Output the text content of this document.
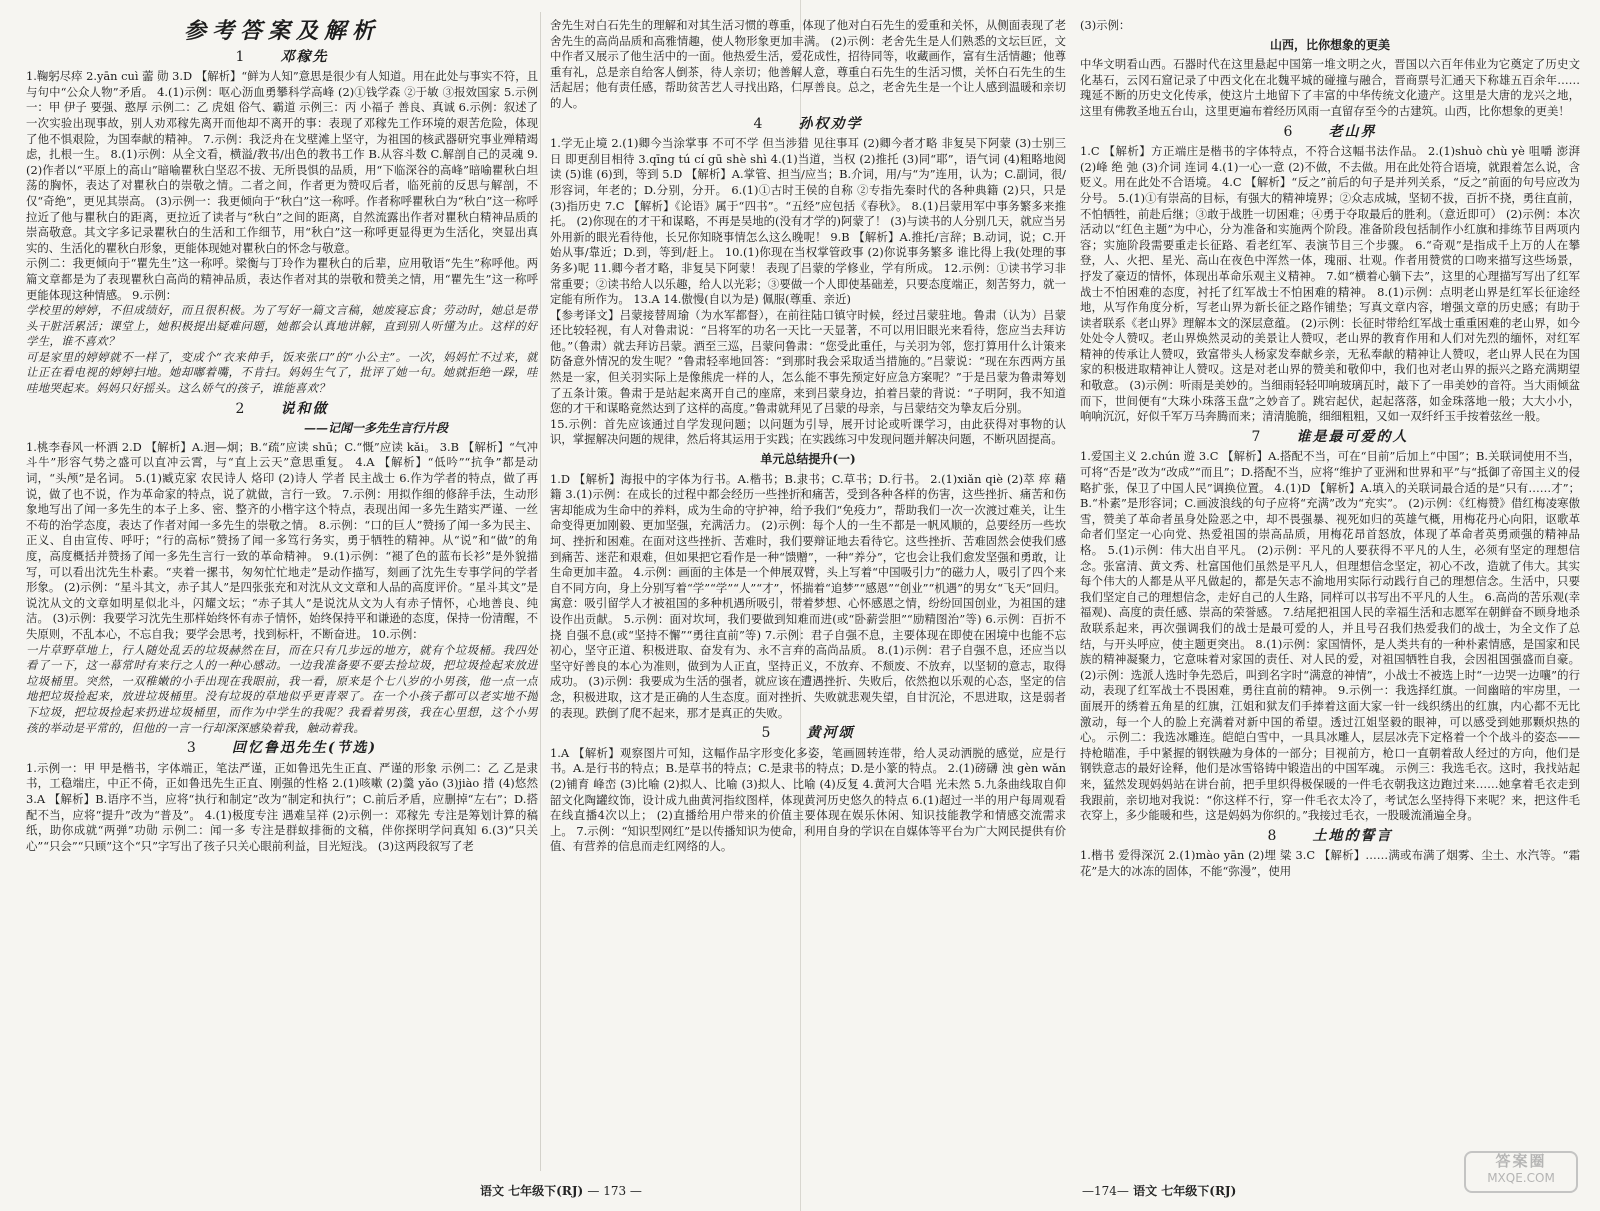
参考答案及解析
1 邓稼先

1.鞠躬尽瘁 2.yān cuì 蘦 勋 3.D 【解析】“鲜为人知”意思是很少有人知道。用在此处与事实不符，且与句中“公众人物”矛盾。 4.(1)示例：呕心沥血勇攀科学高峰 (2)①钱学森 ②于敏 ③报效国家 5.示例一：甲 伊子 要强、憨厚 示例二：乙 虎姐 俗气、霸道 示例三：丙 小福子 善良、真诚 6.示例：叙述了一次实验出现事故，别人劝邓稼先离开而他却不离开的事：表现了邓稼先工作环境的艰苦危险，体现了他不惧艰险，为国奉献的精神。 7.示例：我泛舟在戈壁滩上坚守，为祖国的核武器研究事业殚精竭虑，扎根一生。 8.(1)示例：从全文看，横溢/教书/出色的教书工作 B.从容斗数 C.解剖自己的灵魂 9.(2)作者以“平原上的高山”暗喻瞿秋白坚忍不拔、无所畏惧的品质，用“下临深谷的高峰”暗喻瞿秋白坦荡的胸怀，表达了对瞿秋白的崇敬之情。二者之间，作者更为赞叹后者，临死前的反思与解剖，不仅“奇绝”，更见其崇高。 (3)示例一：我更倾向于“秋白”这一称呼。作者称呼瞿秋白为“秋白”这一称呼拉近了他与瞿秋白的距离，更拉近了读者与“秋白”之间的距离，自然流露出作者对瞿秋白精神品质的崇高敬意。其文字多记录瞿秋白的生活和工作细节，用“秋白”这一称呼更显得更为生活化，突显出真实的、生活化的瞿秋白形象，更能体现她对瞿秋白的怀念与敬意。

示例二：我更倾向于“瞿先生”这一称呼。梁衡与丁玲作为瞿秋白的后辈，应用敬语“先生”称呼他。两篇文章都是为了表现瞿秋白高尚的精神品质，表达作者对其的崇敬和赞美之情，用“瞿先生”这一称呼更能体现这种情感。 9.示例：

学校里的婷婷，不但成绩好，而且很积极。为了写好一篇文言稿，她废寝忘食；劳动时，她总是带头干脏活累活；课堂上，她积极提出疑难问题，她都会认真地讲解，直到别人听懂为止。这样的好学生，谁不喜欢？

可是家里的婷婷就不一样了，变成个“衣来伸手，饭来张口”的“小公主”。一次，妈妈忙不过来，就让正在看电视的婷婷扫地。她却嘟着嘴，不肯扫。妈妈生气了，批评了她一句。她就拒绝一跺，哇哇地哭起来。妈妈只好摇头。这么娇气的孩子，谁能喜欢？

2 说和做
——记闻一多先生言行片段

1.桃李春风一杯酒 2.D 【解析】A.迥—炯；B.“疏”应读 shū；C.“慨”应读 kǎi。 3.B 【解析】“气冲斗牛”形容气势之盛可以直冲云霄，与“直上云天”意思重复。 4.A 【解析】“低吟”“抗争”都是动词，“头颅”是名词。 5.(1)臧克家 农民诗人 烙印 (2)诗人 学者 民主战士 6.作为学者的特点，做了再说，做了也不说，作为革命家的特点，说了就做，言行一致。 7.示例：用拟作细的修辞手法，生动形象地写出了闻一多先生的本子上多、密、整齐的小楷字这个特点，表现出闻一多先生踏实严谨、一丝不苟的治学态度，表达了作者对闻一多先生的崇敬之情。 8.示例：“口的巨人”赞扬了闻一多为民主、正义、自由宣传、呼吁；“行的高标”赞扬了闻一多笃行务实，勇于牺牲的精神。从“说”和“做”的角度，高度概括并赞扬了闻一多先生言行一致的革命精神。 9.(1)示例：“褪了色的蓝布长衫”是外貌描写，可以看出沈先生朴素。“夹着一摞书，匆匆忙忙地走”是动作描写，刻画了沈先生专事学问的学者形象。 (2)示例：“星斗其文，赤子其人”是四张张充和对沈从文文章和人品的高度评价。“星斗其文”是说沈从文的文章如明星似北斗，闪耀文坛；“赤子其人”是说沈从文为人有赤子情怀，心地善良、纯洁。 (3)示例：我要学习沈先生那样始终怀有赤子情怀，始终保持平和谦逊的态度，保持一份清醒，不失原则，不乱本心，不忘自我；要学会思考，找到标杆，不断奋进。 10.示例：

一片草野草地上，行人随处乱丢的垃圾赫然在目，而在只有几步远的地方，就有个垃圾桶。我四处看了一下，这一幕常时有来行之人的一种心感动。一边我准备要不要去捡垃圾，把垃圾捡起来放进垃圾桶里。突然，一双稚嫩的小手出现在我眼前，我一看，原来是个七八岁的小男孩，他一点一点地把垃圾捡起来，放进垃圾桶里。没有垃圾的草地似乎更青翠了。在一个小孩子都可以老实地不抛下垃圾，把垃圾捡起来扔进垃圾桶里，而作为中学生的我呢？我看着男孩，我在心里想，这个小男孩的举动是平常的，但他的一言一行却深深感染着我，触动着我。

3 回忆鲁迅先生(节选)

1.示例一：甲 甲是楷书，字体端正，笔法严谨，正如鲁迅先生正直、严谨的形象 示例二：乙 乙是隶书，工稳端庄，中正不倚，正如鲁迅先生正直、刚强的性格 2.(1)咳嗽 (2)羹 yǎo (3)jiào 措 (4)悠然 3.A 【解析】B.语序不当，应将“执行和制定”改为“制定和执行”；C.前后矛盾，应删掉“左右”；D.搭配不当，应将“提升”改为“普及”。 4.(1)极度专注 遇难呈祥 (2)示例一：邓稼先 专注是筹划计算的稿纸，助你成就“两弹”功勋 示例二：闻一多 专注是群蚁排衙的文稿，伴你探明学问真知 6.(3)“只关心”“只会”“只顾”这个“只”字写出了孩子只关心眼前利益，目光短浅。 (3)这两段叙写了老

语文 七年级下(RJ) — 173 —

舍先生对白石先生的理解和对其生活习惯的尊重，体现了他对白石先生的爱重和关怀，从侧面表现了老舍先生的高尚品质和高雅情趣，使人物形象更加丰满。 (2)示例：老舍先生是人们熟悉的文坛巨匠，文中作者又展示了他生活中的一面。他热爱生活，爱花成性，招待同等，收藏画作，富有生活情趣；他尊重有礼，总是亲自给客人倒茶，待人亲切；他善解人意，尊重白石先生的生活习惯，关怀白石先生的生活起居；他有责任感，帮助贫苦艺人寻找出路，仁厚善良。总之，老舍先生是一个让人感到温暖和亲切的人。

4 孙权劝学

1.学无止境 2.(1)卿今当涂掌事 不可不学 但当涉猎 见往事耳 (2)卿今者才略 非复吴下阿蒙 (3)士别三日 即更刮目相待 3.qīng tú cí gū shè shì 4.(1)当道，当权 (2)推托 (3)同“耶”，语气词 (4)粗略地阅读 (5)谁 (6)到，等到 5.D 【解析】A.掌管、担当/应当；B.介词，用/与“为”连用，认为；C.副词，很/形容词，年老的；D.分别，分开。 6.(1)①古时王侯的自称 ②专指先秦时代的各种典籍 (2)只，只是 (3)指历史 7.C 【解析】《论语》属于“四书”。“五经”应包括《春秋》。 8.(1)吕蒙用军中事务繁多来推托。 (2)你现在的才干和谋略，不再是吴地的(没有才学的)阿蒙了！ (3)与读书的人分别几天，就应当另外用新的眼光看待他，长兄你知晓事情怎么这么晚呢！ 9.B 【解析】A.推托/言辞；B.动词，说；C.开始从事/靠近；D.到，等到/赶上。 10.(1)你现在当权掌管政事 (2)你说事务繁多 谁比得上我(处理的事务多)呢 11.卿今者才略，非复吴下阿蒙！ 表现了吕蒙的学修业，学有所成。 12.示例：①读书学习非常重要；②读书给人以乐趣，给人以光彩；③要做一个人即使基础差，只要态度端正，刻苦努力，就一定能有所作为。 13.A 14.傲慢(自以为是) 佩服(尊重、亲近)

【参考译文】吕蒙接替周瑜（为水军都督），在前往陆口镇守时候，经过吕蒙驻地。鲁肃（认为）吕蒙还比较轻视，有人对鲁肃说：“吕将军的功名一天比一天显著，不可以用旧眼光来看待，您应当去拜访他。”（鲁肃）就去拜访吕蒙。酒至三巡，吕蒙问鲁肃：“您受此重任，与关羽为邻，您打算用什么计策来防备意外情况的发生呢？”鲁肃轻率地回答：“到那时我会采取适当措施的。”吕蒙说：“现在东西两方虽然是一家，但关羽实际上是像熊虎一样的人，怎么能不事先预定好应急方案呢？”于是吕蒙为鲁肃筹划了五条计策。鲁肃于是站起来离开自己的座席，来到吕蒙身边，拍着吕蒙的背说：“子明阿，我不知道您的才干和谋略竟然达到了这样的高度。”鲁肃就拜见了吕蒙的母亲，与吕蒙结交为挚友后分别。

15.示例：首先应该通过自学发现问题；以问题为引导，展开讨论或听课学习，由此获得对事物的认识，掌握解决问题的规律，然后将其运用于实践；在实践练习中发现问题并解决问题，不断巩固提高。

单元总结提升(一)

1.D 【解析】海报中的字体为行书。A.楷书；B.隶书；C.草书；D.行书。 2.(1)xiǎn qiè (2)萃 瘁 藉 籍 3.(1)示例：在成长的过程中都会经历一些挫折和痛苦，受到各种各样的伤害，这些挫折、痛苦和伤害却能成为生命中的养料，成为生命的守护神，给予我们“免疫力”，帮助我们一次一次渡过难关，让生命变得更加刚毅、更加坚强，充满活力。 (2)示例：每个人的一生不都是一帆风顺的，总要经历一些坎坷、挫折和困难。在面对这些挫折、苦难时，我们要辩证地去看待它。这些挫折、苦难固然会使我们感到痛苦、迷茫和艰难，但如果把它看作是一种“馈赠”，一种“养分”，它也会让我们愈发坚强和勇敢，让生命更加丰盈。 4.示例：画面的主体是一个伸展双臂，头上写着“中国吸引力”的磁力人，吸引了四个来自不同方向，身上分别写着“学”“学”“人”“才”，怀揣着“追梦”“感恩”“创业”“机遇”的男女“飞天”回归。寓意：吸引留学人才被祖国的多种机遇所吸引，带着梦想、心怀感恩之情，纷纷回国创业，为祖国的建设作出贡献。 5.示例：面对坎坷，我们要做到知难而进(或“卧薪尝胆”“励精图治”等) 6.示例：百折不挠 自强不息(或“坚持不懈”“勇往直前”等) 7.示例：君子自强不息，主要体现在即使在困境中也能不忘初心，坚守正道、积极进取、奋发有为、永不言弃的高尚品质。 8.(1)示例：君子自强不息，还应当以坚守好善良的本心为准则，做到为人正直，坚持正义，不放弃、不颓废、不放弃，以坚韧的意志，取得成功。 (3)示例：我要成为生活的强者，就应该在遭遇挫折、失败后，依然抱以乐观的心态，坚定的信念，积极进取，这才是正确的人生态度。面对挫折、失败就悲观失望，自甘沉沦，不思进取，这是弱者的表现。跌倒了爬不起来，那才是真正的失败。

5 黄河颂

1.A 【解析】观察图片可知，这幅作品字形变化多姿，笔画圆转连带，给人灵动洒脱的感觉，应是行书。A.是行书的特点；B.是草书的特点；C.是隶书的特点；D.是小篆的特点。 2.(1)磅礴 浊 gèn wǎn (2)铺育 峰峦 (3)比喻 (2)拟人、比喻 (3)拟人、比喻 (4)反复 4.黄河大合唱 光未然 5.九条曲线取自仰韶文化陶罐纹饰，设计成九曲黄河指纹图样，体现黄河历史悠久的特点 6.(1)超过一半的用户每周观看在线直播4次以上； (2)直播给用户带来的价值主要体现在娱乐休闲、知识技能教学和情感交流需求上。 7.示例：“知识型网红”是以传播知识为使命，利用自身的学识在自媒体等平台为广大网民提供有价值、有营养的信息而走红网络的人。

(3)示例：

山西，比你想象的更美

中华文明看山西。石器时代在这里悬起中国第一堆文明之火，晋国以六百年伟业为它奠定了历史文化基石，云冈石窟记录了中西文化在北魏平城的碰撞与融合，晋商票号汇通天下称雄五百余年……瑰延不断的历史文化传承，使这片土地留下了丰富的中华传统文化遗产。这里是大唐的龙兴之地，这里有佛教圣地五台山，这里更遍布着经历风雨一直留存至今的古建筑。山西，比你想象的更美！

6 老山界

1.C 【解析】方正端庄是楷书的字体特点，不符合这幅书法作品。 2.(1)shuò chù yè 咀嚼 澎湃 (2)峰 绝 弛 (3)介词 连词 4.(1)一心一意 (2)不做，不去做。用在此处符合语境，就跟着怎么说，含贬义。用在此处不合语境。 4.C 【解析】“反之”前后的句子是并列关系，“反之”前面的句号应改为分号。 5.(1)①有崇高的目标，有强大的精神境界；②众志成城，坚韧不拔，百折不挠，勇往直前，不怕牺牲，前赴后继；③敢于战胜一切困难；④勇于夺取最后的胜利。（意近即可） (2)示例：本次活动以“红色主题”为中心，分为准备和实施两个阶段。准备阶段包括制作小红旗和排练节目两项内容；实施阶段需要重走长征路、看老红军、表演节目三个步骤。 6.“奇观”是指成千上万的人在攀登，人、火把、星光、高山在夜色中浑然一体，瑰丽、壮观。作者用赞赏的口吻来描写这些场景，抒发了豪迈的情怀，体现出革命乐观主义精神。 7.如“横着心躺下去”，这里的心理描写写出了红军战士不怕困难的态度，衬托了红军战士不怕困难的精神。 8.(1)示例：点明老山界是红军长征途经地，从写作角度分析，写老山界为新长征之路作铺垫；写真文章内容，增强文章的历史感；有助于读者联系《老山界》理解本文的深层意蕴。 (2)示例：长征时带给红军战士重重困难的老山界，如今处处令人赞叹。老山界焕然灵动的美景让人赞叹，老山界的教育作用和人们对先烈的缅怀，对红军精神的传承让人赞叹，致富带头人杨家发奉献乡亲，无私奉献的精神让人赞叹，老山界人民在为国家的积极进取精神让人赞叹。这是对老山界的赞美和敬仰中，我们也对老山界的振兴之路充满期望和敬意。 (3)示例：听雨是美妙的。当细雨轻轻叩响玻璃瓦时，敲下了一串美妙的音符。当大雨倾盆而下，世间便有“大珠小珠落玉盘”之妙音了。跳宕起伏，起起落落，如金珠落地一般；大大小小，响响沉沉，好似千军万马奔腾而来；清清脆脆，细细粗粗，又如一双纤纤玉手按着弦丝一般。

7 谁是最可爱的人

1.爱国主义 2.chún 遊 3.C 【解析】A.搭配不当，可在“目前”后加上“中国”；B.关联词使用不当，可将“否是”改为“改成”“而且”；D.搭配不当，应将“维护了亚洲和世界和平”与“抵御了帝国主义的侵略扩张，保卫了中国人民”调换位置。 4.(1)D 【解析】A.填入的关联词最合适的是“只有……才”；B.“朴素”是形容词；C.画波浪线的句子应将“充满”改为“充实”。 (2)示例：《红梅赞》借红梅凌寒傲雪，赞美了革命者虽身处险恶之中，却不畏强暴、视死如归的英雄气概，用梅花丹心向阳，讴歌革命者们坚定一心向党、热爱祖国的崇高品质，用梅花昂首怒放，体现了革命者英勇顽强的精神品格。 5.(1)示例：伟大出自平凡。 (2)示例：平凡的人要获得不平凡的人生，必须有坚定的理想信念。张富清、黄文秀、杜富国他们虽然是平凡人，但理想信念坚定，初心不改，造就了伟大。其实每个伟大的人都是从平凡做起的，都是矢志不渝地用实际行动践行自己的理想信念。生活中，只要我们坚定自己的理想信念，走好自己的人生路，同样可以书写出不平凡的人生。 6.高尚的苦乐观(幸福观)、高度的责任感、崇高的荣誉感。 7.结尾把祖国人民的幸福生活和志愿军在朝鲜奋不顾身地杀敌联系起来，再次强调我们的战士是最可爱的人，并且号召我们热爱我们的战士，为全文作了总结，与开头呼应，使主题更突出。 8.(1)示例：家国情怀，是人类共有的一种朴素情感，是国家和民族的精神凝聚力，它意味着对家国的责任、对人民的爱，对祖国牺牲自我，会因祖国强盛而自豪。 (2)示例：选派人选时争先恐后，叫到名字时“满意的神情”，小战士不被选上时“一边哭一边嚷”的行动，表现了红军战士不畏困难，勇往直前的精神。 9.示例一：我选择红旗。一间幽暗的牢房里，一面展开的绣着五角星的红旗，江姐和狱友们手捧着这面大家一针一线织绣出的红旗，内心都不无比激动，每一个人的脸上充满着对新中国的希望。透过江姐坚毅的眼神，可以感受到她那颗炽热的心。 示例二：我选冰雕连。皑皑白雪中，一具具冰雕人，层层冰壳下定格着一个个战斗的姿态——持枪瞄准，手中紧握的钢铁融为身体的一部分；目视前方，枪口一直朝着敌人经过的方向，他们是钢铁意志的最好诠释，他们是冰雪铬铸中锻造出的中国军魂。 示例三：我选毛衣。这时，我找站起来，猛然发现妈妈站在讲台前，把手里织得极保暖的一件毛衣朝我这边跑过来……她拿着毛衣走到我跟前，亲切地对我说：“你这样不行，穿一件毛衣太冷了，考试怎么坚持得下来呢？来，把这件毛衣穿上，多少能暖和些，这是妈妈为你织的。”我接过毛衣，一股暖流涌遍全身。

8 土地的誓言

1.楷书 爱得深沉 2.(1)mào yān (2)埋 粱 3.C 【解析】……满或布满了烟雾、尘土、水汽等。“霜花”是大的冰冻的固体，不能“弥漫”，使用

—174— 语文 七年级下(RJ)
答案圈
MXQE.COM
